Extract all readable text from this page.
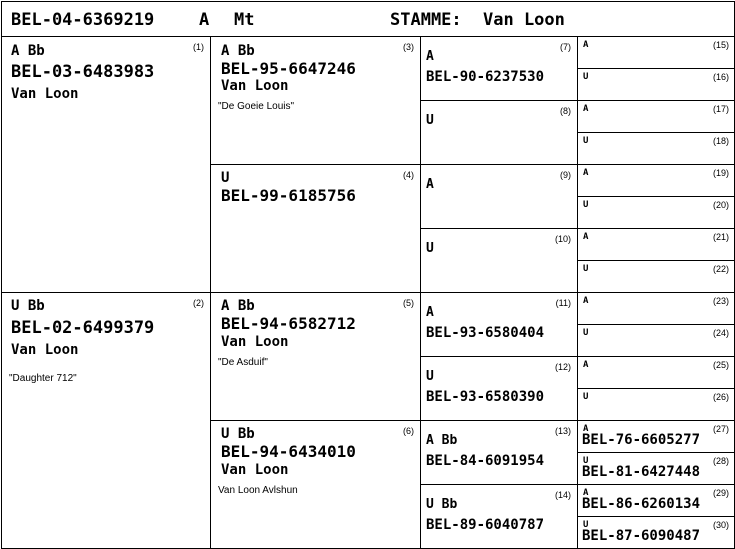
BEL-04-6369219	A Mt	STAMME: Van Loon
(1)
A Bb
BEL-03-6483983
Van Loon
(2)
U Bb
BEL-02-6499379
Van Loon
"Daughter 712"
(3)
A Bb
BEL-95-6647246
Van Loon
"De Goeie Louis"
(4)
U
BEL-99-6185756
(5)
A Bb
BEL-94-6582712
Van Loon
"De Asduif"
(6)
U Bb
BEL-94-6434010
Van Loon
Van Loon Avlshun
(7)
A
BEL-90-6237530
(8)
U
(9)
A
(10)
U
(11)
A
BEL-93-6580404
(12)
U
BEL-93-6580390
(13)
A Bb
BEL-84-6091954
(14)
U Bb
BEL-89-6040787
(15)
A
(16)
U
(17)
A
(18)
U
(19)
A
(20)
U
(21)
A
(22)
U
(23)
A
(24)
U
(25)
A
(26)
U
(27)
A
BEL-76-6605277
(28)
U
BEL-81-6427448
(29)
A
BEL-86-6260134
(30)
U
BEL-87-6090487
